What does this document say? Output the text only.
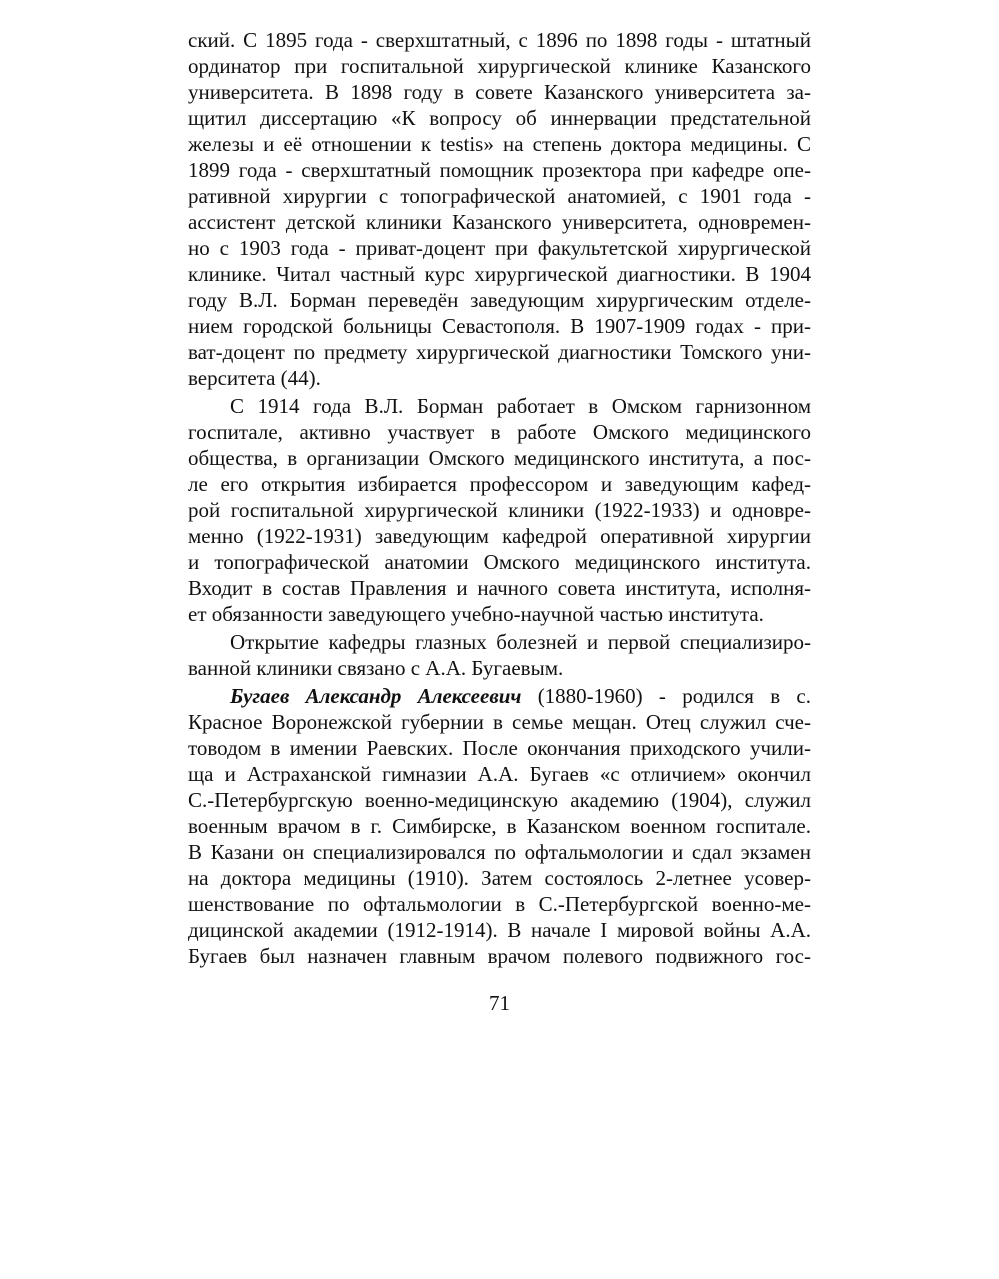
ский. С 1895 года - сверхштатный, с 1896 по 1898 годы - штатный
ординатор при госпитальной хирургической клинике Казанского
университета. В 1898 году в совете Казанского университета за-
щитил диссертацию «К вопросу об иннервации предстательной
железы и её отношении к testis» на степень доктора медицины. С
1899 года - сверхштатный помощник прозектора при кафедре опе-
ративной хирургии с топографической анатомией, с 1901 года -
ассистент детской клиники Казанского университета, одновремен-
но с 1903 года - приват-доцент при факультетской хирургической
клинике. Читал частный курс хирургической диагностики. В 1904
году В.Л. Борман переведён заведующим хирургическим отделе-
нием городской больницы Севастополя. В 1907-1909 годах - при-
ват-доцент по предмету хирургической диагностики Томского уни-
верситета (44).
С 1914 года В.Л. Борман работает в Омском гарнизонном
госпитале, активно участвует в работе Омского медицинского
общества, в организации Омского медицинского института, а пос-
ле его открытия избирается профессором и заведующим кафед-
рой госпитальной хирургической клиники (1922-1933) и одновре-
менно (1922-1931) заведующим кафедрой оперативной хирургии
и топографической анатомии Омского медицинского института.
Входит в состав Правления и начного совета института, исполня-
ет обязанности заведующего учебно-научной частью института.
Открытие кафедры глазных болезней и первой специализиро-
ванной клиники связано с А.А. Бугаевым.
Бугаев Александр Алексеевич (1880-1960) - родился в с.
Красное Воронежской губернии в семье мещан. Отец служил сче-
товодом в имении Раевских. После окончания приходского учили-
ща и Астраханской гимназии А.А. Бугаев «с отличием» окончил
С.-Петербургскую военно-медицинскую академию (1904), служил
военным врачом в г. Симбирске, в Казанском военном госпитале.
В Казани он специализировался по офтальмологии и сдал экзамен
на доктора медицины (1910). Затем состоялось 2-летнее усовер-
шенствование по офтальмологии в С.-Петербургской военно-ме-
дицинской академии (1912-1914). В начале I мировой войны А.А.
Бугаев был назначен главным врачом полевого подвижного гос-
71
